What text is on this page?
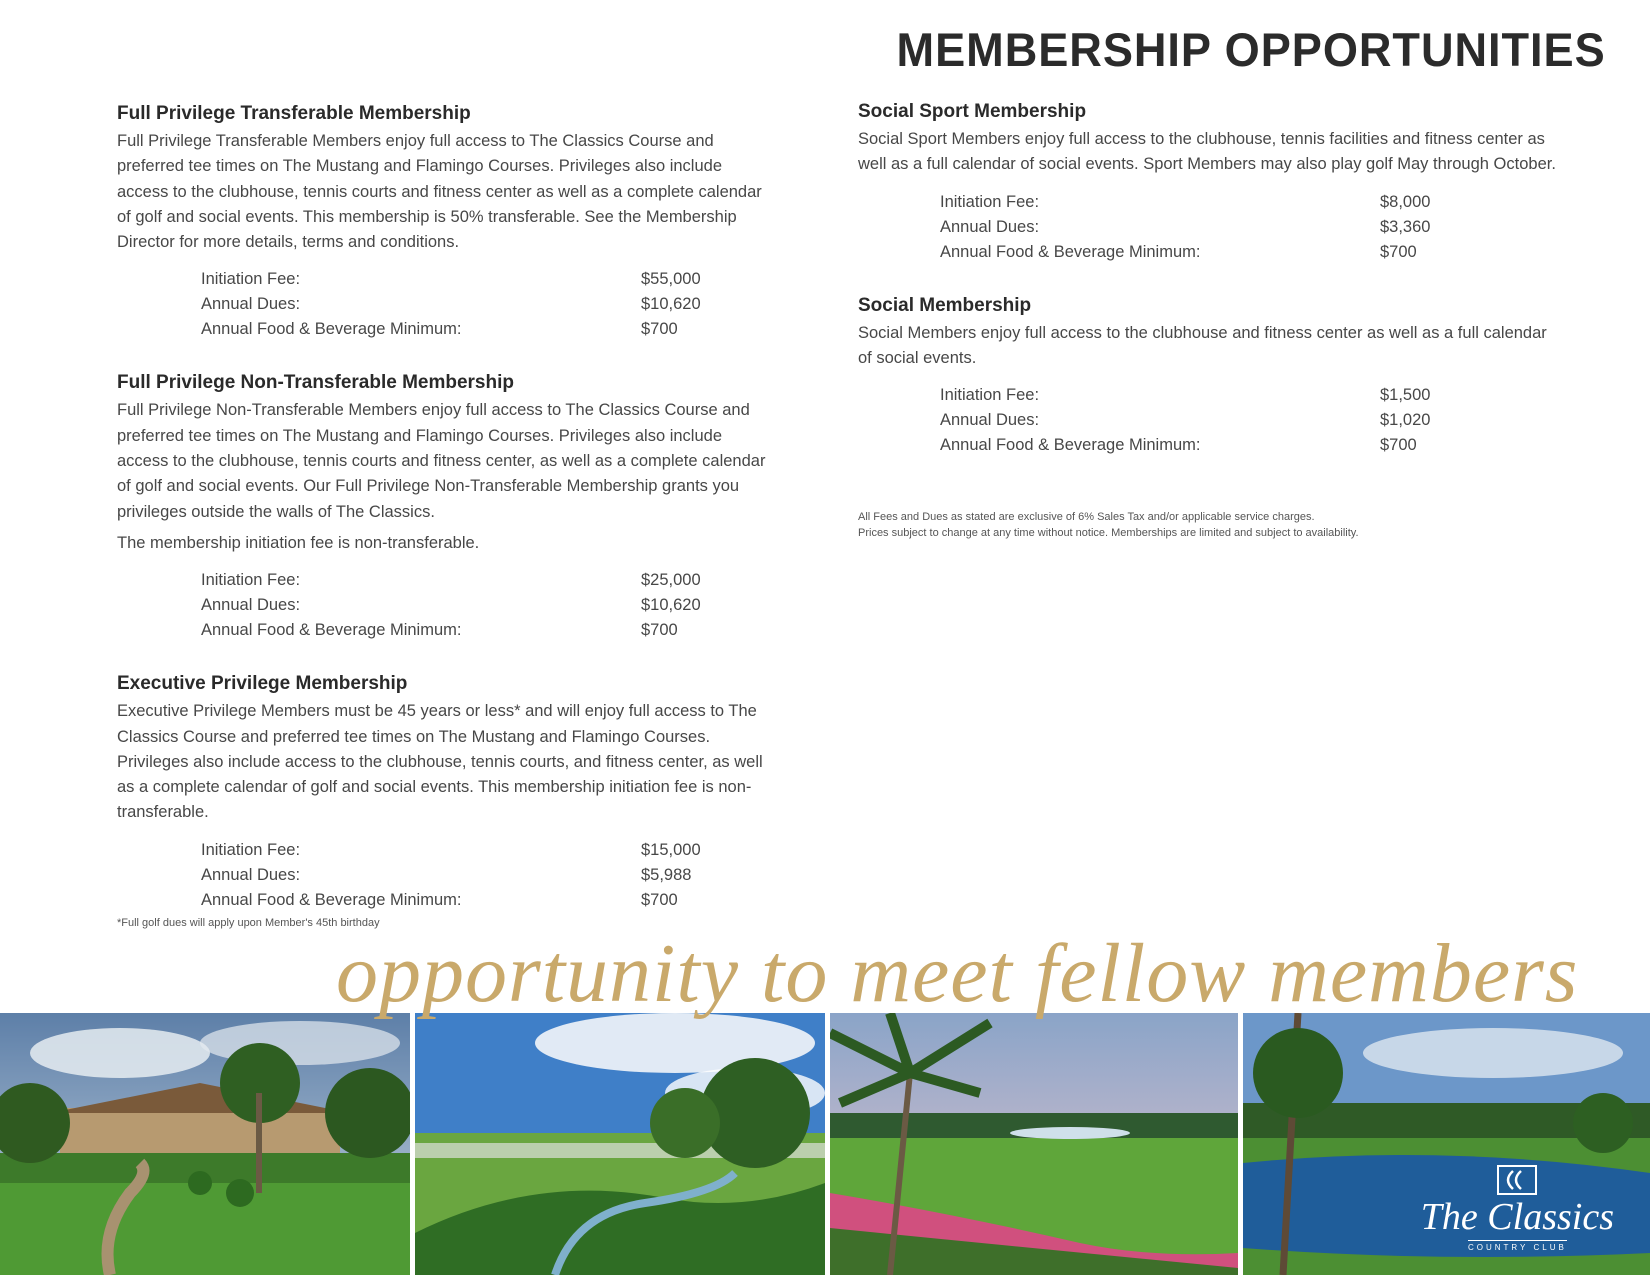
MEMBERSHIP OPPORTUNITIES
Full Privilege Transferable Membership

Full Privilege Transferable Members enjoy full access to The Classics Course and preferred tee times on The Mustang and Flamingo Courses. Privileges also include access to the clubhouse, tennis courts and fitness center as well as a complete calendar of golf and social events. This membership is 50% transferable. See the Membership Director for more details, terms and conditions.

Initiation Fee:	$55,000
Annual Dues:	$10,620
Annual Food & Beverage Minimum:	$700
Full Privilege Non-Transferable Membership

Full Privilege Non-Transferable Members enjoy full access to The Classics Course and preferred tee times on The Mustang and Flamingo Courses. Privileges also include access to the clubhouse, tennis courts and fitness center, as well as a complete calendar of golf and social events. Our Full Privilege Non-Transferable Membership grants you privileges outside the walls of The Classics.

The membership initiation fee is non-transferable.

Initiation Fee:	$25,000
Annual Dues:	$10,620
Annual Food & Beverage Minimum:	$700
Executive Privilege Membership

Executive Privilege Members must be 45 years or less* and will enjoy full access to The Classics Course and preferred tee times on The Mustang and Flamingo Courses. Privileges also include access to the clubhouse, tennis courts, and fitness center, as well as a complete calendar of golf and social events. This membership initiation fee is non-transferable.

Initiation Fee:	$15,000
Annual Dues:	$5,988
Annual Food & Beverage Minimum:	$700
*Full golf dues will apply upon Member's 45th birthday
Social Sport Membership

Social Sport Members enjoy full access to the clubhouse, tennis facilities and fitness center as well as a full calendar of social events. Sport Members may also play golf May through October.

Initiation Fee:	$8,000
Annual Dues:	$3,360
Annual Food & Beverage Minimum:	$700
Social Membership

Social Members enjoy full access to the clubhouse and fitness center as well as a full calendar of social events.

Initiation Fee:	$1,500
Annual Dues:	$1,020
Annual Food & Beverage Minimum:	$700
All Fees and Dues as stated are exclusive of 6% Sales Tax and/or applicable service charges.
Prices subject to change at any time without notice. Memberships are limited and subject to availability.
opportunity to meet fellow members
The Classics
COUNTRY CLUB
